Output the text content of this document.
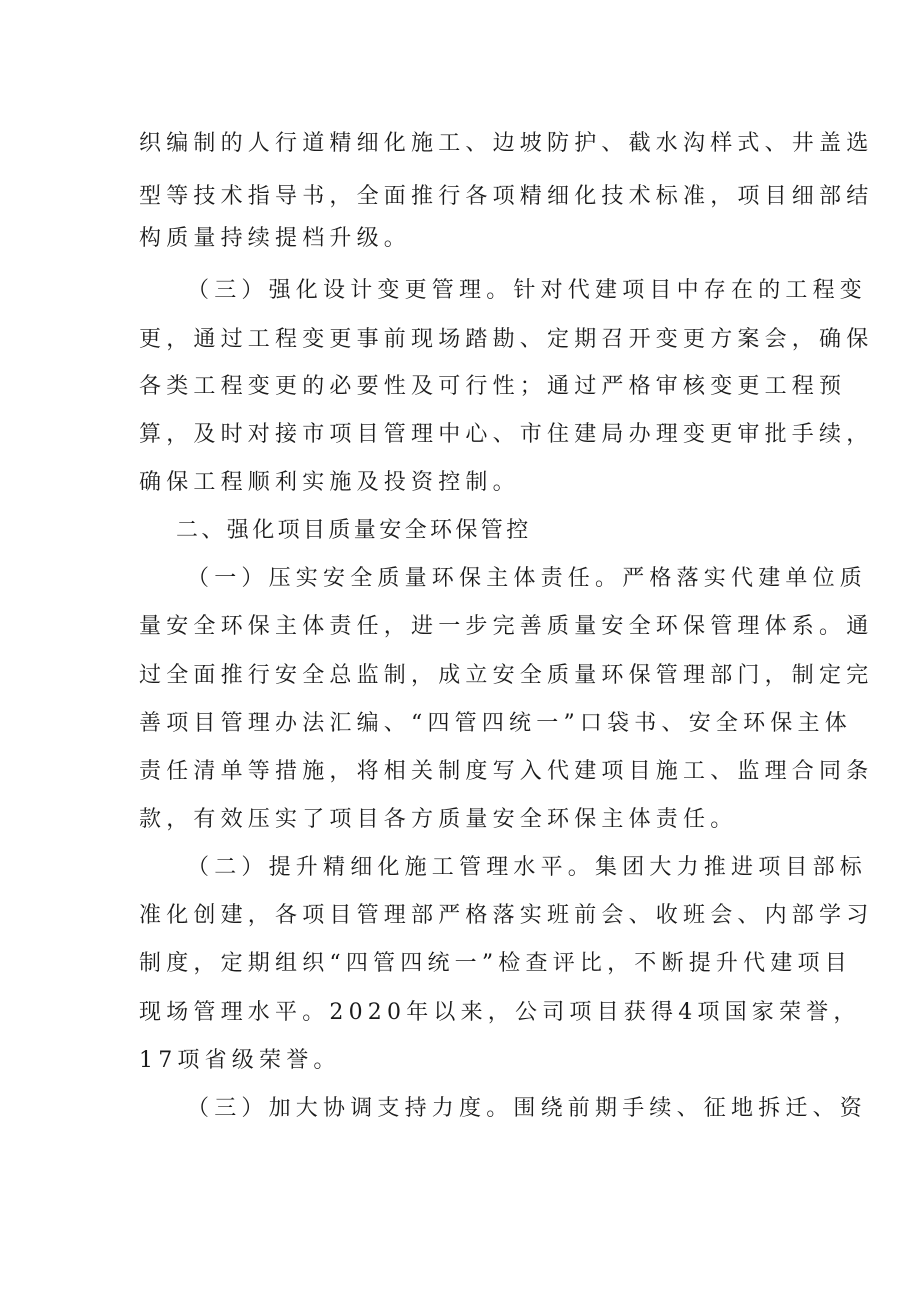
织编制的人行道精细化施工、边坡防护、截水沟样式、井盖选
型等技术指导书，全面推行各项精细化技术标准，项目细部结
构质量持续提档升级。
（三）强化设计变更管理。针对代建项目中存在的工程变
更，通过工程变更事前现场踏勘、定期召开变更方案会，确保
各类工程变更的必要性及可行性；通过严格审核变更工程预
算，及时对接市项目管理中心、市住建局办理变更审批手续，
确保工程顺利实施及投资控制。
二、强化项目质量安全环保管控
（一）压实安全质量环保主体责任。严格落实代建单位质
量安全环保主体责任，进一步完善质量安全环保管理体系。通
过全面推行安全总监制，成立安全质量环保管理部门，制定完
善项目管理办法汇编、“四管四统一”口袋书、安全环保主体
责任清单等措施，将相关制度写入代建项目施工、监理合同条
款，有效压实了项目各方质量安全环保主体责任。
（二）提升精细化施工管理水平。集团大力推进项目部标
准化创建，各项目管理部严格落实班前会、收班会、内部学习
制度，定期组织“四管四统一”检查评比，不断提升代建项目
现场管理水平。2020年以来，公司项目获得4项国家荣誉，
17项省级荣誉。
（三）加大协调支持力度。围绕前期手续、征地拆迁、资
